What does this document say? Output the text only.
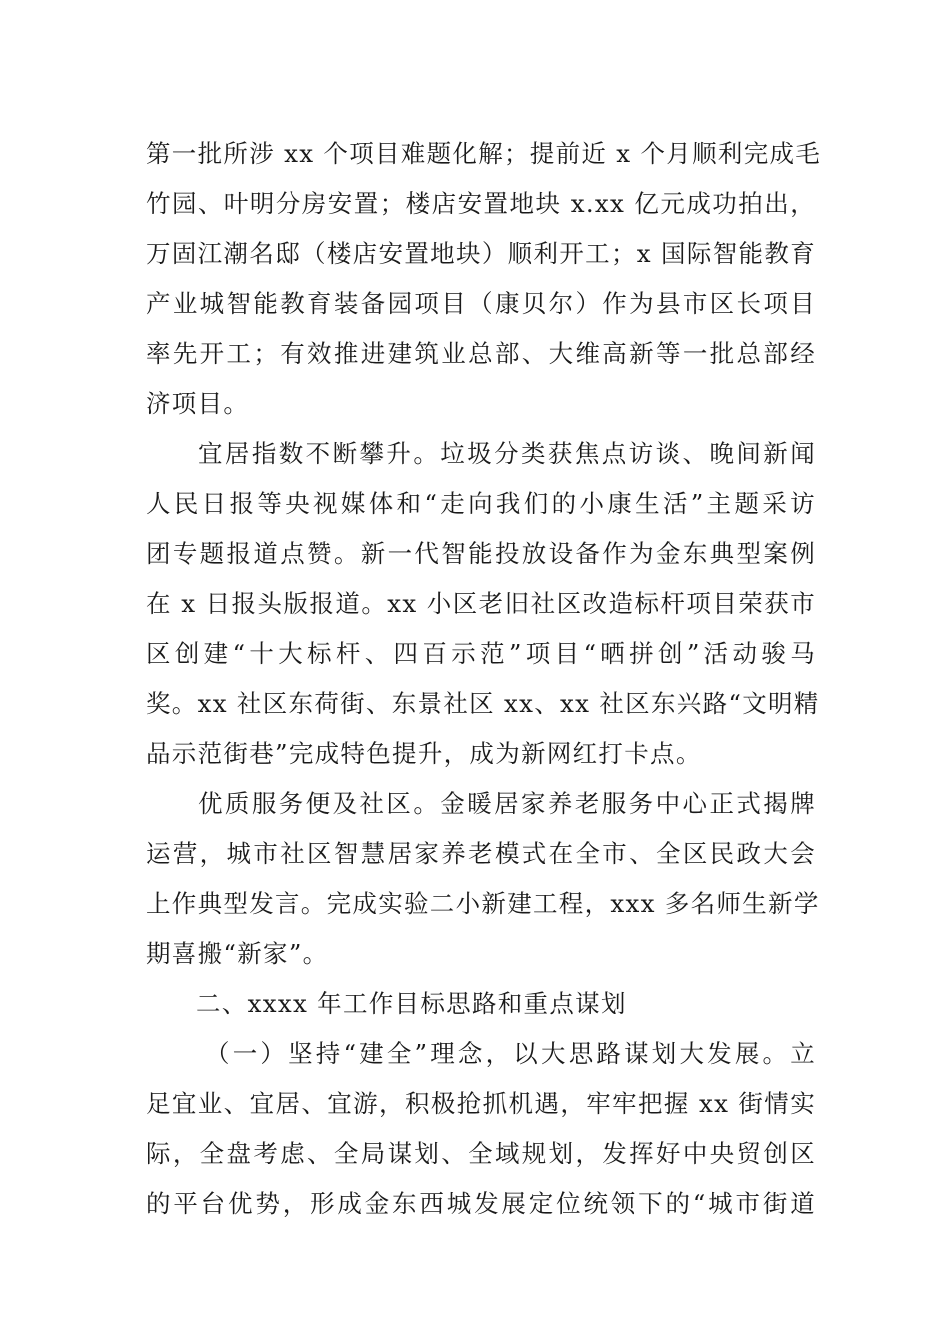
第一批所涉 xx 个项目难题化解；提前近 x 个月顺利完成毛
竹园、叶明分房安置；楼店安置地块 x.xx 亿元成功拍出，
万固江潮名邸（楼店安置地块）顺利开工；x 国际智能教育
产业城智能教育装备园项目（康贝尔）作为县市区长项目
率先开工；有效推进建筑业总部、大维高新等一批总部经
济项目。
宜居指数不断攀升。垃圾分类获焦点访谈、晚间新闻
人民日报等央视媒体和“走向我们的小康生活”主题采访
团专题报道点赞。新一代智能投放设备作为金东典型案例
在 x 日报头版报道。xx 小区老旧社区改造标杆项目荣获市
区创建“十大标杆、四百示范”项目“晒拼创”活动骏马
奖。xx 社区东荷街、东景社区 xx、xx 社区东兴路“文明精
品示范街巷”完成特色提升，成为新网红打卡点。
优质服务便及社区。金暖居家养老服务中心正式揭牌
运营，城市社区智慧居家养老模式在全市、全区民政大会
上作典型发言。完成实验二小新建工程，xxx 多名师生新学
期喜搬“新家”。
二、xxxx 年工作目标思路和重点谋划
（一）坚持“建全”理念，以大思路谋划大发展。立
足宜业、宜居、宜游，积极抢抓机遇，牢牢把握 xx 街情实
际，全盘考虑、全局谋划、全域规划，发挥好中央贸创区
的平台优势，形成金东西城发展定位统领下的“城市街道
